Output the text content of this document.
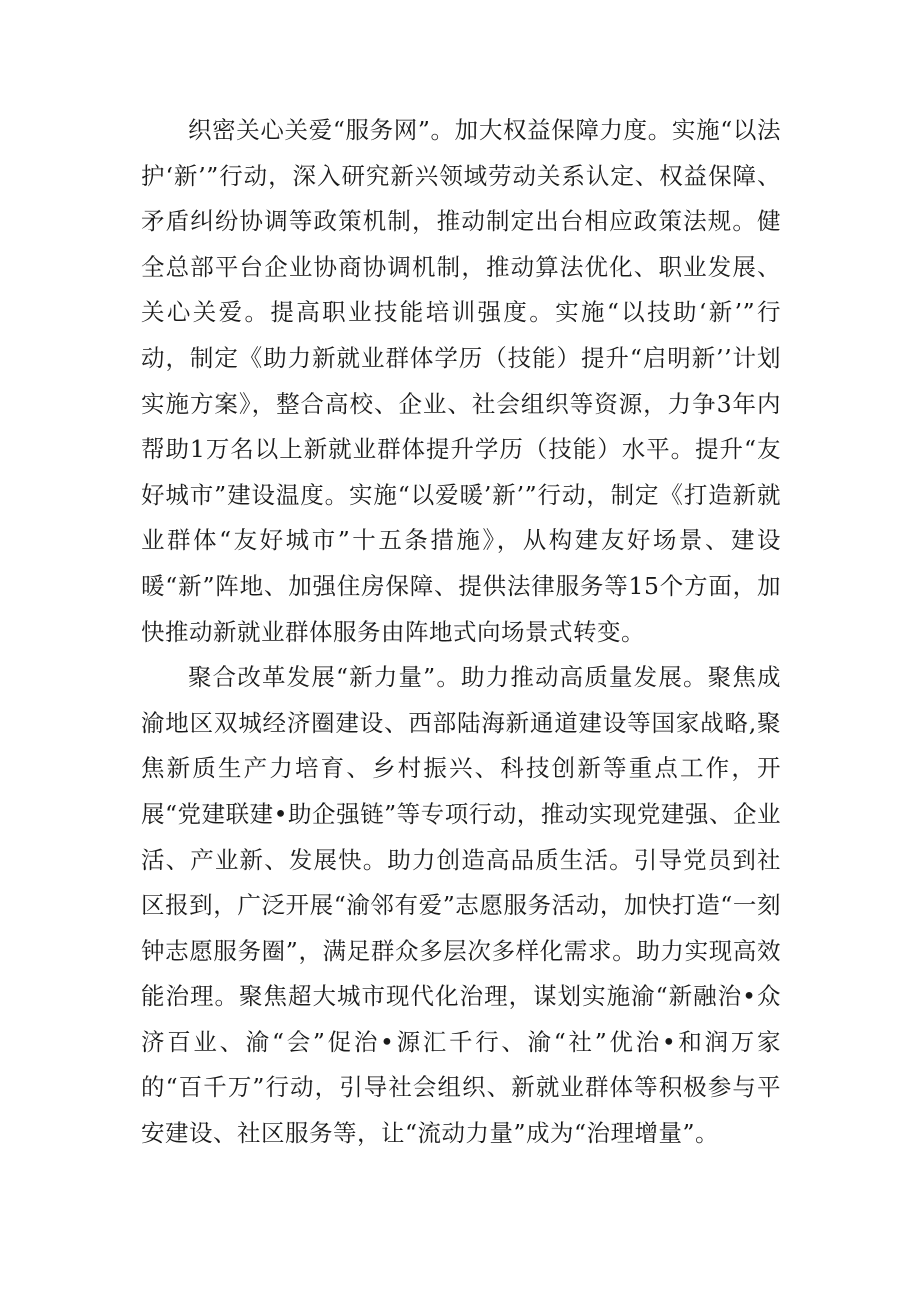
织密关心关爱“服务网”。加大权益保障力度。实施“以法护‘新’”行动，深入研究新兴领域劳动关系认定、权益保障、矛盾纠纷协调等政策机制，推动制定出台相应政策法规。健全总部平台企业协商协调机制，推动算法优化、职业发展、关心关爱。提高职业技能培训强度。实施“以技助‘新’”行动，制定《助力新就业群体学历（技能）提升“启明新’’计划实施方案》，整合高校、企业、社会组织等资源，力争3年内帮助1万名以上新就业群体提升学历（技能）水平。提升“友好城市”建设温度。实施“以爱暖’新’”行动，制定《打造新就业群体“友好城市”十五条措施》，从构建友好场景、建设暖“新”阵地、加强住房保障、提供法律服务等15个方面，加快推动新就业群体服务由阵地式向场景式转变。

聚合改革发展“新力量”。助力推动高质量发展。聚焦成渝地区双城经济圈建设、西部陆海新通道建设等国家战略,聚焦新质生产力培育、乡村振兴、科技创新等重点工作，开展“党建联建•助企强链”等专项行动，推动实现党建强、企业活、产业新、发展快。助力创造高品质生活。引导党员到社区报到，广泛开展“渝邻有爱”志愿服务活动，加快打造“一刻钟志愿服务圈”，满足群众多层次多样化需求。助力实现高效能治理。聚焦超大城市现代化治理，谋划实施渝“新融治•众济百业、渝“会”促治•源汇千行、渝“社”优治•和润万家的“百千万”行动，引导社会组织、新就业群体等积极参与平安建设、社区服务等，让“流动力量”成为“治理增量”。
